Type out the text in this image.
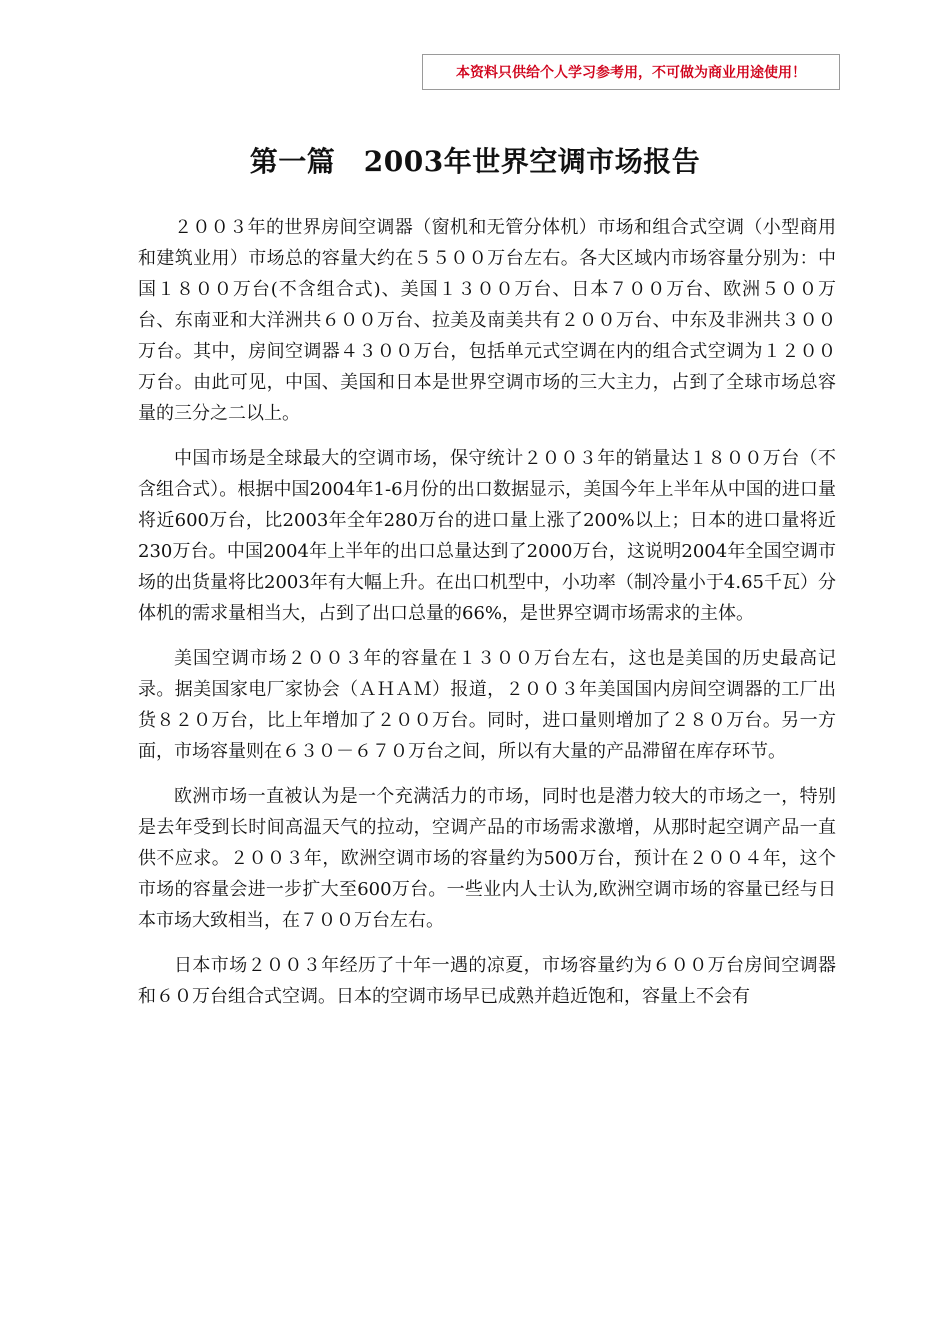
本资料只供给个人学习参考用，不可做为商业用途使用！
第一篇　2003年世界空调市场报告

２００３年的世界房间空调器（窗机和无管分体机）市场和组合式空调（小型商用和建筑业用）市场总的容量大约在５５００万台左右。各大区域内市场容量分别为：中国１８００万台(不含组合式)、美国１３００万台、日本７００万台、欧洲５００万台、东南亚和大洋洲共６００万台、拉美及南美共有２００万台、中东及非洲共３００万台。其中，房间空调器４３００万台，包括单元式空调在内的组合式空调为１２００万台。由此可见，中国、美国和日本是世界空调市场的三大主力，占到了全球市场总容量的三分之二以上。

中国市场是全球最大的空调市场，保守统计２００３年的销量达１８００万台（不含组合式）。根据中国2004年1-6月份的出口数据显示，美国今年上半年从中国的进口量将近600万台，比2003年全年280万台的进口量上涨了200%以上；日本的进口量将近230万台。中国2004年上半年的出口总量达到了2000万台，这说明2004年全国空调市场的出货量将比2003年有大幅上升。在出口机型中，小功率（制冷量小于4.65千瓦）分体机的需求量相当大，占到了出口总量的66%，是世界空调市场需求的主体。

美国空调市场２００３年的容量在１３００万台左右，这也是美国的历史最高记录。据美国家电厂家协会（ＡＨＡＭ）报道，２００３年美国国内房间空调器的工厂出货８２０万台，比上年增加了２００万台。同时，进口量则增加了２８０万台。另一方面，市场容量则在６３０－６７０万台之间，所以有大量的产品滞留在库存环节。

欧洲市场一直被认为是一个充满活力的市场，同时也是潜力较大的市场之一，特别是去年受到长时间高温天气的拉动，空调产品的市场需求激增，从那时起空调产品一直供不应求。２００３年，欧洲空调市场的容量约为500万台，预计在２００４年，这个市场的容量会进一步扩大至600万台。一些业内人士认为,欧洲空调市场的容量已经与日本市场大致相当，在７００万台左右。

日本市场２００３年经历了十年一遇的凉夏，市场容量约为６００万台房间空调器和６０万台组合式空调。日本的空调市场早已成熟并趋近饱和，容量上不会有
